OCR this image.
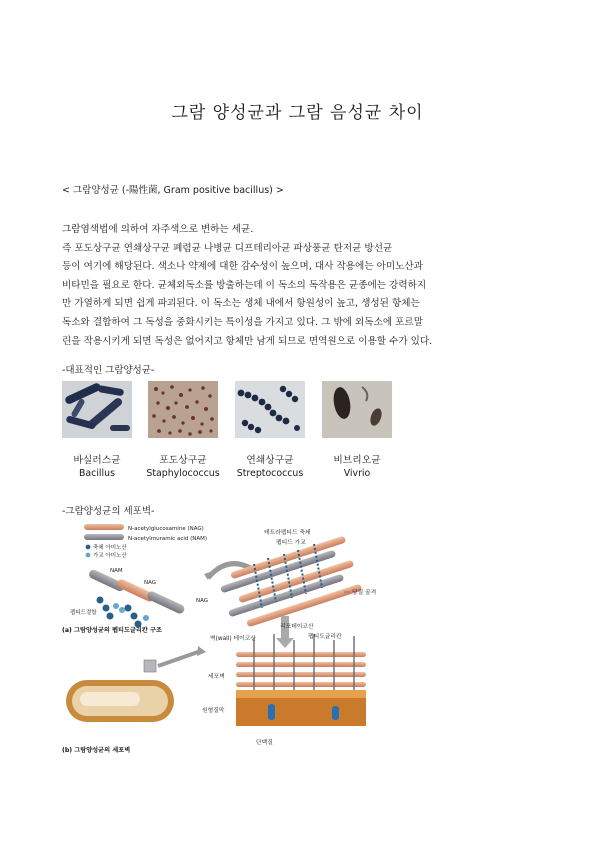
그람 양성균과 그람 음성균 차이
< 그람양성균 (-陽性菌, Gram positive bacillus) >

그람염색법에 의하여 자주색으로 변하는 세균.

즉 포도상구균 연쇄상구균 폐렴균 나병균 디프테리아균 파상풍균 탄저균 방선균

등이 여기에 해당된다. 색소나 약제에 대한 감수성이 높으며, 대사 작용에는 아미노산과

비타민을 필요로 한다. 균체외독소를 방출하는데 이 독소의 독작용은 균종에는 강력하지

만 가열하게 되면 쉽게 파괴된다. 이 독소는 생체 내에서 항원성이 높고, 생성된 항체는

독소와 결합하여 그 독성을 중화시키는 특이성을 가지고 있다. 그 밖에 외독소에 포르말

린을 작용시키게 되면 독성은 없어지고 항체만 남게 되므로 면역원으로 이용할 수가 있다.

-대표적인 그람양성균-
바실러스균	포도상구균	연쇄상구균	비브리오균
Bacillus	Staphylococcus	Streptococcus	Vivrio
-그람양성균의 세포벽-
N-acetylglucosamine (NAG)
N-acetylmuramic acid (NAM)
축쇄 아미노산
가교 아미노산
NAM
NAG
NAG
펩티드결합
테트라펩티드 축쇄
펩티드 가교
당질 골격
(a) 그람양성균의 펩티도글리칸 구조
벽(wall) 테이코산
리포테이코산
펩티도글리칸
세포벽
원형질막
단백질
(b) 그람양성균의 세포벽
